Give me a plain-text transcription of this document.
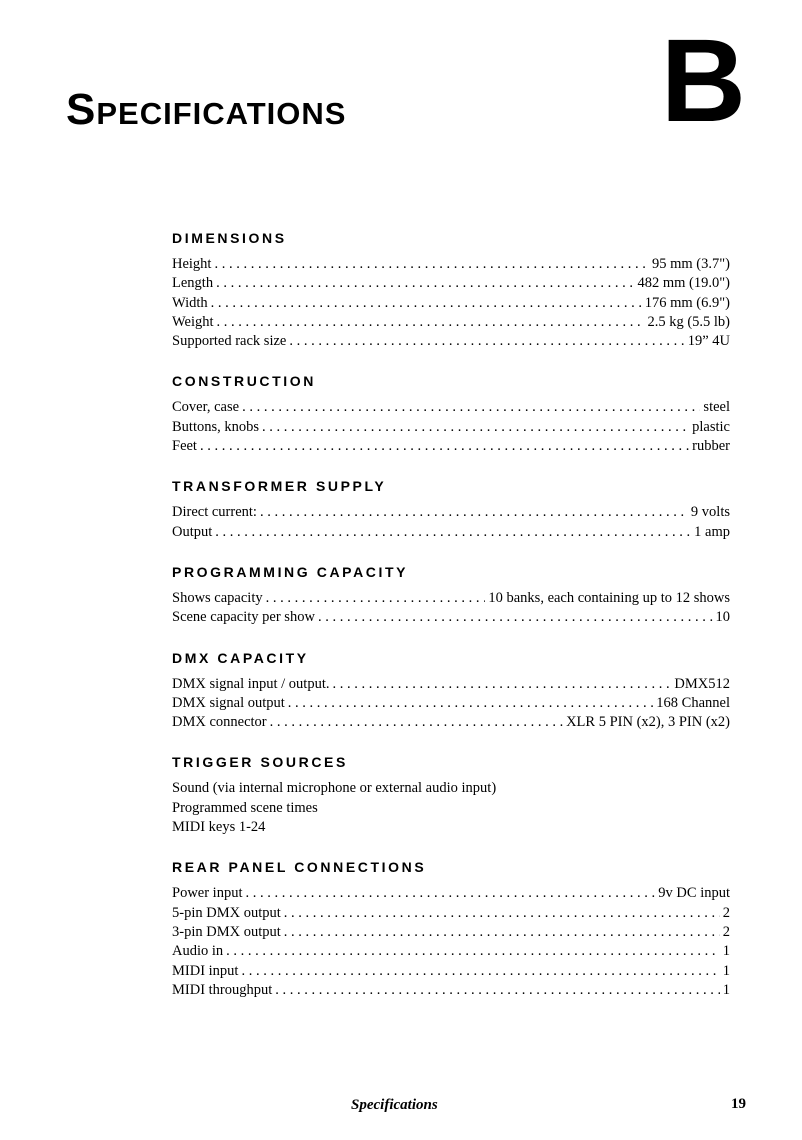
Specifications	B
DIMENSIONS
Height . . .	95 mm (3.7")
Length . . .	482 mm (19.0")
Width . . .	176 mm (6.9")
Weight . . .	2.5 kg (5.5 lb)
Supported rack size . . .	19” 4U
CONSTRUCTION
Cover, case . . .	steel
Buttons, knobs . . .	plastic
Feet . . .	rubber
TRANSFORMER SUPPLY
Direct current: . . .	9 volts
Output . . .	1 amp
PROGRAMMING CAPACITY
Shows capacity . . .	10 banks, each containing up to 12 shows
Scene capacity per show . . .	10
DMX CAPACITY
DMX signal input / output. . . .	DMX512
DMX signal output . . .	168 Channel
DMX connector . . .	XLR 5 PIN (x2), 3 PIN (x2)
TRIGGER SOURCES
Sound (via internal microphone or external audio input)
Programmed scene times
MIDI keys 1-24
REAR PANEL CONNECTIONS
Power input . . .	9v DC input
5-pin DMX output . . .	2
3-pin DMX output . . .	2
Audio in . . .	1
MIDI input . . .	1
MIDI throughput . . .	1
Specifications	19
